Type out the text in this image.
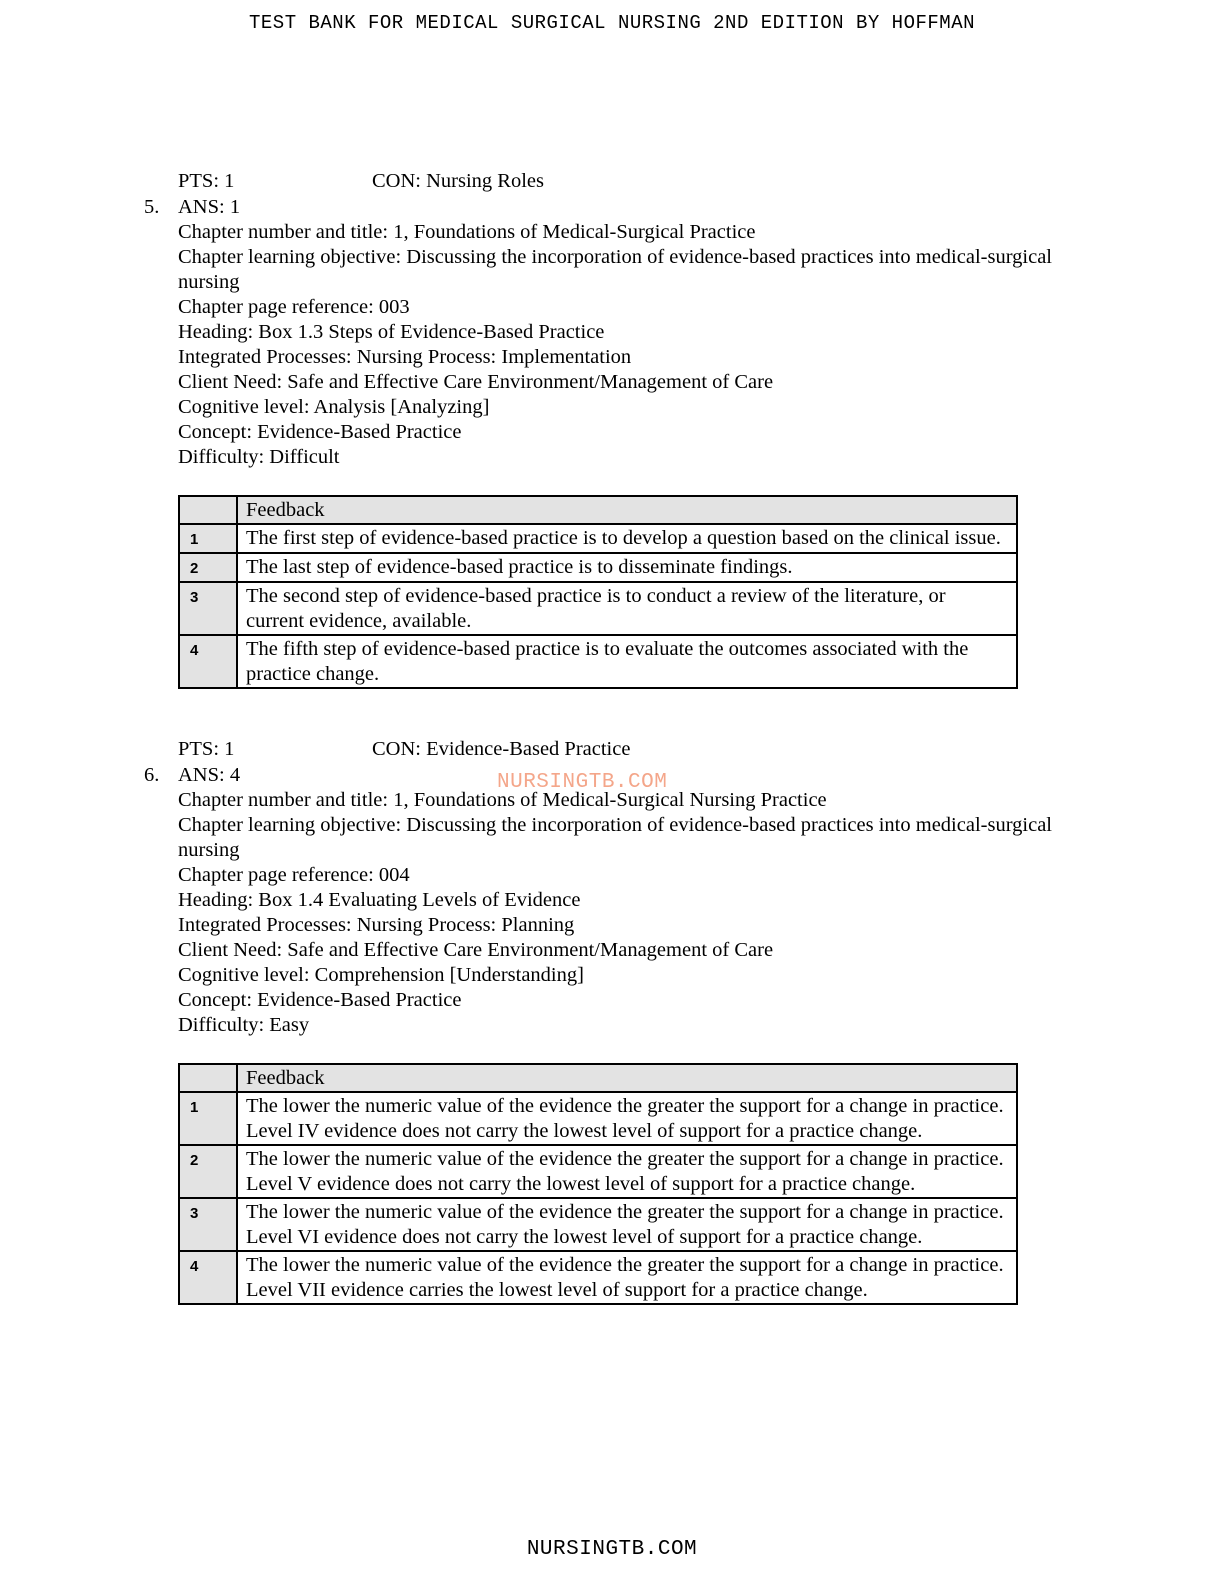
TEST BANK FOR MEDICAL SURGICAL NURSING 2ND EDITION BY HOFFMAN
PTS: 1	CON: Nursing Roles
5. ANS: 1
Chapter number and title: 1, Foundations of Medical-Surgical Practice
Chapter learning objective: Discussing the incorporation of evidence-based practices into medical-surgical nursing
Chapter page reference: 003
Heading: Box 1.3 Steps of Evidence-Based Practice
Integrated Processes: Nursing Process: Implementation
Client Need: Safe and Effective Care Environment/Management of Care
Cognitive level: Analysis [Analyzing]
Concept: Evidence-Based Practice
Difficulty: Difficult
	Feedback
1	The first step of evidence-based practice is to develop a question based on the clinical issue.
2	The last step of evidence-based practice is to disseminate findings.
3	The second step of evidence-based practice is to conduct a review of the literature, or current evidence, available.
4	The fifth step of evidence-based practice is to evaluate the outcomes associated with the practice change.
PTS: 1	CON: Evidence-Based Practice
6. ANS: 4
Chapter number and title: 1, Foundations of Medical-Surgical Nursing Practice
Chapter learning objective: Discussing the incorporation of evidence-based practices into medical-surgical nursing
Chapter page reference: 004
Heading: Box 1.4 Evaluating Levels of Evidence
Integrated Processes: Nursing Process: Planning
Client Need: Safe and Effective Care Environment/Management of Care
Cognitive level: Comprehension [Understanding]
Concept: Evidence-Based Practice
Difficulty: Easy
NURSINGTB.COM
	Feedback
1	The lower the numeric value of the evidence the greater the support for a change in practice. Level IV evidence does not carry the lowest level of support for a practice change.
2	The lower the numeric value of the evidence the greater the support for a change in practice. Level V evidence does not carry the lowest level of support for a practice change.
3	The lower the numeric value of the evidence the greater the support for a change in practice. Level VI evidence does not carry the lowest level of support for a practice change.
4	The lower the numeric value of the evidence the greater the support for a change in practice. Level VII evidence carries the lowest level of support for a practice change.
NURSINGTB.COM
